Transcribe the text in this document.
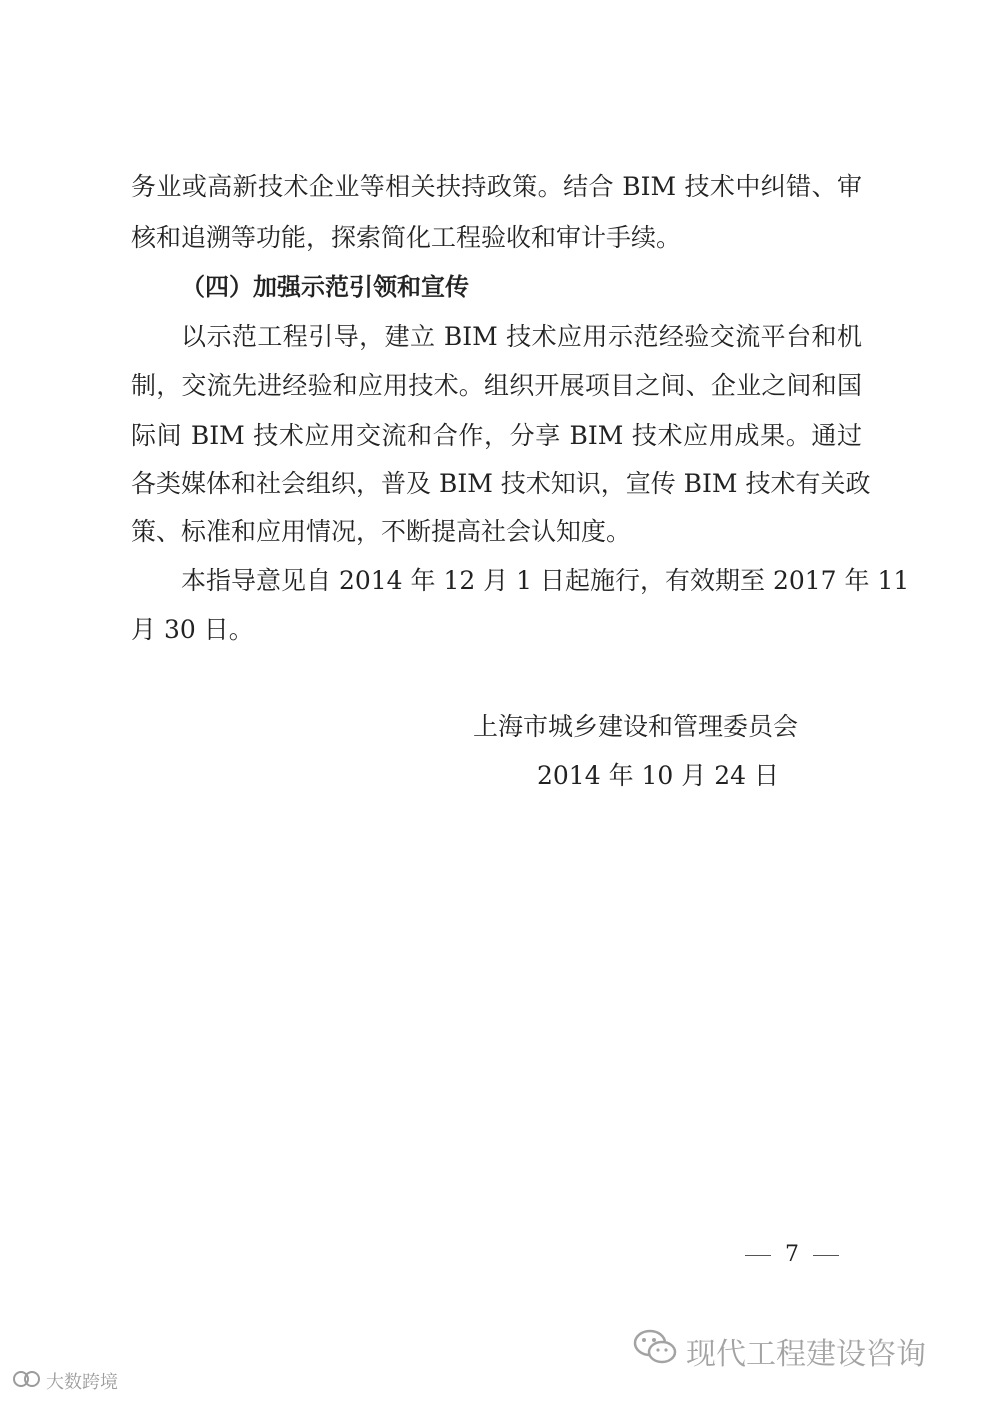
务业或高新技术企业等相关扶持政策。结合 BIM 技术中纠错、审
核和追溯等功能，探索简化工程验收和审计手续。
（四）加强示范引领和宣传
以示范工程引导，建立 BIM 技术应用示范经验交流平台和机
制，交流先进经验和应用技术。组织开展项目之间、企业之间和国
际间 BIM 技术应用交流和合作，分享 BIM 技术应用成果。通过
各类媒体和社会组织，普及 BIM 技术知识，宣传 BIM 技术有关政
策、标准和应用情况，不断提高社会认知度。
本指导意见自 2014 年 12 月 1 日起施行，有效期至 2017 年 11
月 30 日。
上海市城乡建设和管理委员会
2014 年 10 月 24 日
7
现代工程建设咨询
大数跨境
